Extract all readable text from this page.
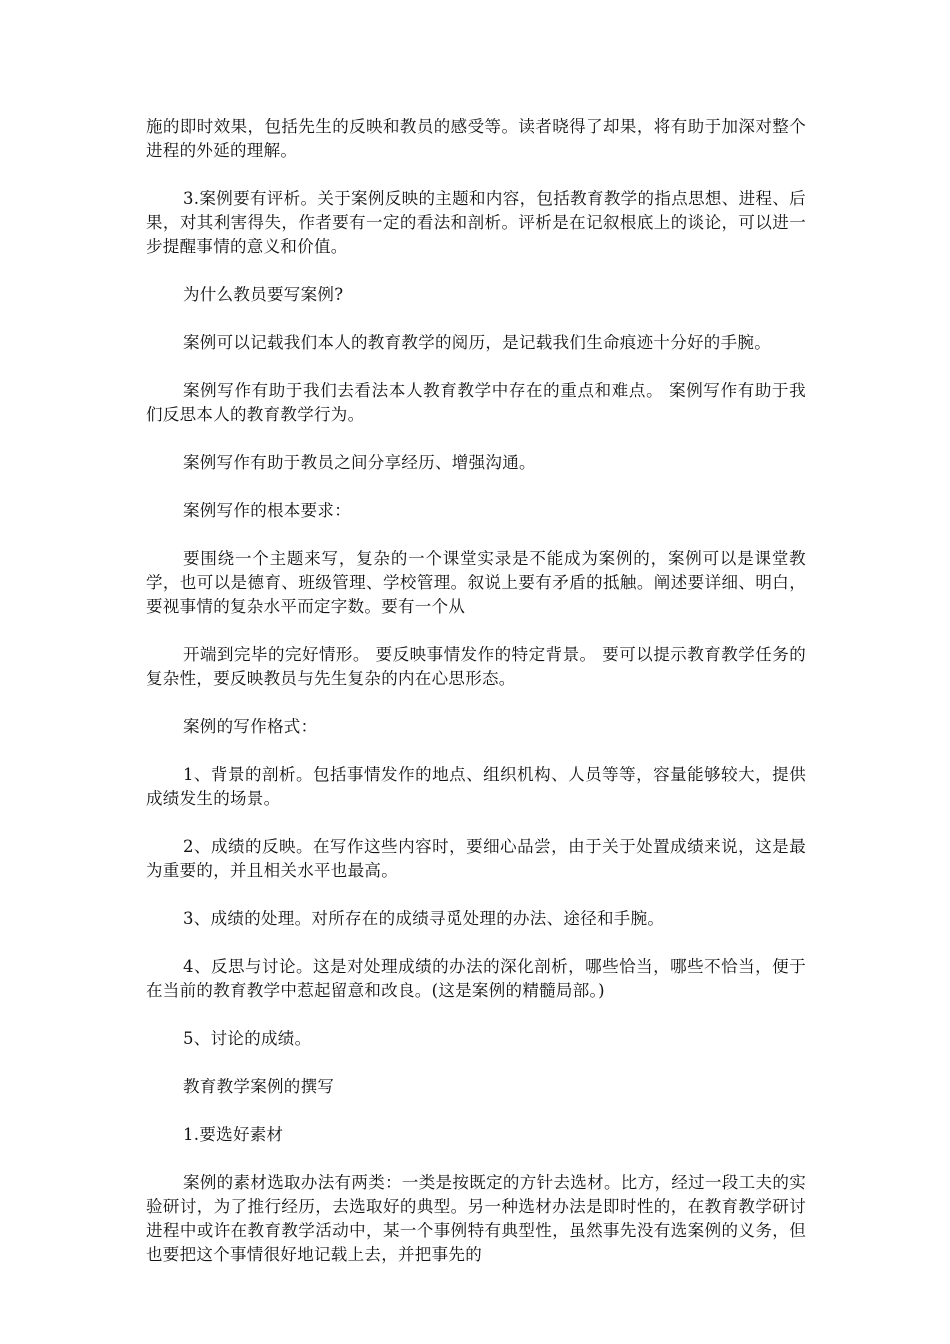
施的即时效果，包括先生的反映和教员的感受等。读者晓得了却果，将有助于加深对整个进程的外延的理解。

3.案例要有评析。关于案例反映的主题和内容，包括教育教学的指点思想、进程、后果，对其利害得失，作者要有一定的看法和剖析。评析是在记叙根底上的谈论，可以进一步提醒事情的意义和价值。

为什么教员要写案例?

案例可以记载我们本人的教育教学的阅历，是记载我们生命痕迹十分好的手腕。

案例写作有助于我们去看法本人教育教学中存在的重点和难点。 案例写作有助于我们反思本人的教育教学行为。

案例写作有助于教员之间分享经历、增强沟通。

案例写作的根本要求：

要围绕一个主题来写，复杂的一个课堂实录是不能成为案例的，案例可以是课堂教学，也可以是德育、班级管理、学校管理。叙说上要有矛盾的抵触。阐述要详细、明白，要视事情的复杂水平而定字数。要有一个从

开端到完毕的完好情形。 要反映事情发作的特定背景。 要可以提示教育教学任务的复杂性，要反映教员与先生复杂的内在心思形态。

案例的写作格式：

1、背景的剖析。包括事情发作的地点、组织机构、人员等等，容量能够较大，提供成绩发生的场景。

2、成绩的反映。在写作这些内容时，要细心品尝，由于关于处置成绩来说，这是最为重要的，并且相关水平也最高。

3、成绩的处理。对所存在的成绩寻觅处理的办法、途径和手腕。

4、反思与讨论。这是对处理成绩的办法的深化剖析，哪些恰当，哪些不恰当，便于在当前的教育教学中惹起留意和改良。(这是案例的精髓局部。)

5、讨论的成绩。

教育教学案例的撰写

1.要选好素材

案例的素材选取办法有两类：一类是按既定的方针去选材。比方，经过一段工夫的实验研讨，为了推行经历，去选取好的典型。另一种选材办法是即时性的，在教育教学研讨进程中或许在教育教学活动中，某一个事例特有典型性，虽然事先没有选案例的义务，但也要把这个事情很好地记载上去，并把事先的
